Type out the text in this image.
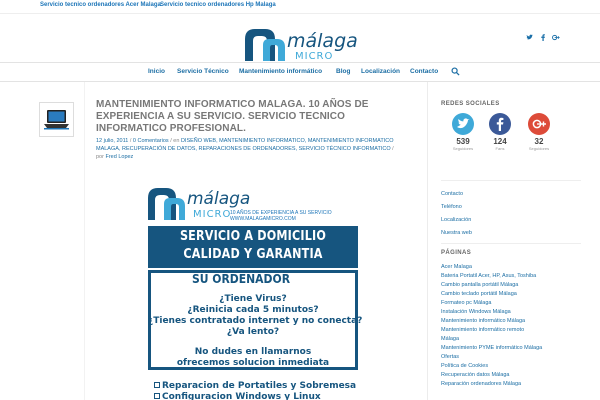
Servicio tecnico ordenadores Acer Malaga Servicio tecnico ordenadores Hp Malaga
málaga
MICRO
Inicio Servicio Técnico Mantenimiento informático Blog Localización Contacto
MANTENIMIENTO INFORMATICO MALAGA. 10 AÑOS DE EXPERIENCIA A SU SERVICIO. SERVICIO TECNICO INFORMATICO PROFESIONAL.
12 julio, 2011 / 0 Comentarios / en DISEÑO WEB, MANTENIMIENTO INFORMATICO, MANTENIMIENTO INFORMATICO MALAGA, RECUPERACIÓN DE DATOS, REPARACIONES DE ORDENADORES, SERVICIO TÉCNICO INFORMATICO / por Fred Lopez
málaga
MICRO
10 AÑOS DE EXPERIENCIA A SU SERVICIO
WWW.MALAGAMICRO.COM
SERVICIO A DOMICILIO
CALIDAD Y GARANTIA
SU ORDENADOR
¿Tiene Virus?
¿Reinicia cada 5 minutos?
¿Tienes contratado internet y no conecta?
¿Va lento?
No dudes en llamarnos
ofrecemos solucion inmediata
Reparacion de Portatiles y Sobremesa
Configuracion Windows y Linux
REDES SOCIALES
539
Seguidores
124
Fans
32
Seguidores
Contacto
Teléfono
Localización
Nuestra web
PÁGINAS
Acer Malaga
Bateria Portatil Acer, HP, Asus, Toshiba
Cambio pantalla portátil Málaga
Cambio teclado portátil Málaga
Formateo pc Málaga
Instalación Windows Málaga
Mantenimiento informático Málaga
Mantenimiento informático remoto
Málaga
Mantenimiento PYME informático Málaga
Ofertas
Política de Cookies
Recuperación datos Málaga
Reparación ordenadores Málaga
